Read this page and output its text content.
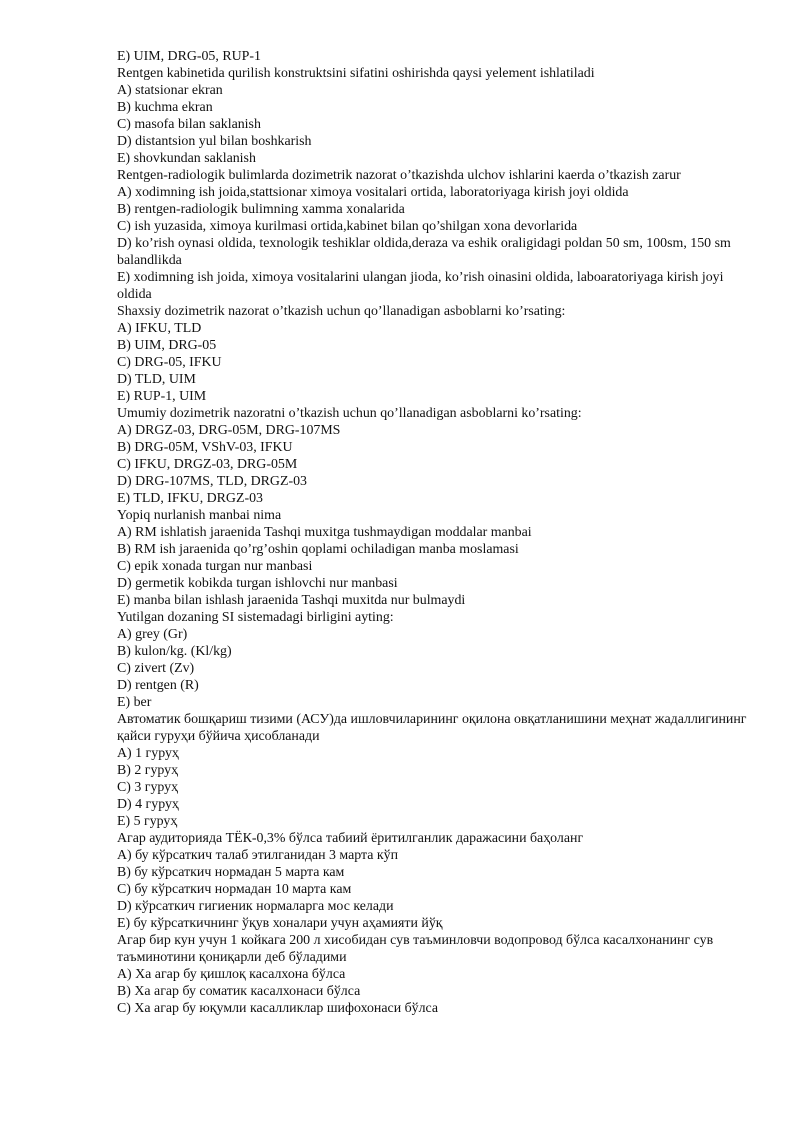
E) UIM, DRG-05, RUP-1

Rentgen kabinetida qurilish konstruktsini sifatini oshirishda qaysi yelement ishlatiladi

A) statsionar ekran

B) kuchma ekran

C) masofa bilan saklanish

D) distantsion yul bilan boshkarish

E) shovkundan saklanish

Rentgen-radiologik bulimlarda dozimetrik nazorat o’tkazishda ulchov ishlarini kaerda o’tkazish zarur

A) xodimning ish joida,stattsionar ximoya vositalari ortida, laboratoriyaga kirish joyi oldida

B) rentgen-radiologik bulimning xamma xonalarida

C) ish yuzasida, ximoya kurilmasi ortida,kabinet bilan qo’shilgan xona devorlarida

D) ko’rish oynasi oldida, texnologik teshiklar oldida,deraza va eshik oraligidagi poldan 50 sm, 100sm, 150 sm balandlikda

E) xodimning ish joida, ximoya vositalarini ulangan jioda, ko’rish oinasini oldida, laboaratoriyaga kirish joyi oldida

Shaxsiy dozimetrik nazorat o’tkazish uchun qo’llanadigan asboblarni ko’rsating:

A) IFKU, TLD

B) UIM, DRG-05

C) DRG-05, IFKU

D) TLD, UIM

E) RUP-1, UIM

Umumiy dozimetrik nazoratni o’tkazish uchun qo’llanadigan asboblarni ko’rsating:

A) DRGZ-03, DRG-05M, DRG-107MS

B) DRG-05M, VShV-03, IFKU

C) IFKU, DRGZ-03, DRG-05M

D) DRG-107MS, TLD, DRGZ-03

E) TLD, IFKU, DRGZ-03

Yopiq nurlanish manbai nima

A) RM ishlatish jaraenida Tashqi muxitga tushmaydigan moddalar manbai

B) RM ish jaraenida qo’rg’oshin qoplami ochiladigan manba moslamasi

C) epik xonada turgan nur manbasi

D) germetik kobikda turgan ishlovchi nur manbasi

E) manba bilan ishlash jaraenida Tashqi muxitda nur bulmaydi

Yutilgan dozaning SI sistemadagi birligini ayting:

A) grey (Gr)

B) kulon/kg. (Kl/kg)

C) zivert (Zv)

D) rentgen (R)

E) ber

Автоматик бошқариш тизими (АСУ)да ишловчиларининг оқилона овқатланишини меҳнат жадаллигининг қайси гуруҳи бўйича ҳисобланади

А) 1 гуруҳ

В) 2 гуруҳ

С) 3 гуруҳ

D) 4 гуруҳ

Е) 5 гуруҳ

Агар аудиторияда ТЁК-0,3% бўлса табиий ёритилганлик даражасини баҳоланг

А) бу кўрсаткич талаб этилганидан 3 марта кўп

В) бу кўрсаткич нормадан 5 марта кам

С) бу кўрсаткич нормадан 10 марта кам

D) кўрсаткич гигиеник нормаларга мос келади

Е) бу кўрсаткичнинг ўқув хоналари учун аҳамияти йўқ

Агар бир кун учун 1 койкага 200 л хисобидан сув таъминловчи водопровод бўлса касалхонанинг сув таъминотини қониқарли деб бўладими

А) Ха агар бу қишлоқ касалхона бўлса

В) Ха агар бу соматик касалхонаси бўлса

С) Ха агар бу юқумли касалликлар шифохонаси бўлса
